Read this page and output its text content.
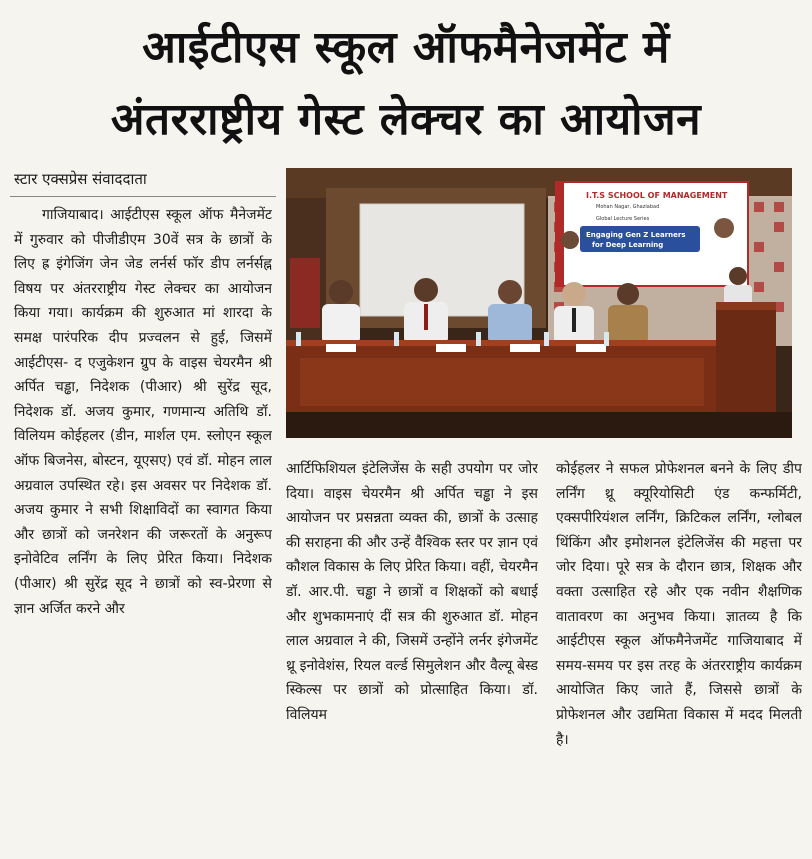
आईटीएस स्कूल ऑफमैनेजमेंट में
अंतरराष्ट्रीय गेस्ट लेक्चर का आयोजन
स्टार एक्सप्रेस संवाददाता

गाजियाबाद। आईटीएस स्कूल ऑफ मैनेजमेंट में गुरुवार को पीजीडीएम 30वें सत्र के छात्रों के लिए ह्र इंगेजिंग जेन जेड लर्नर्स फॉर डीप लर्नर्सह्न विषय पर अंतरराष्ट्रीय गेस्ट लेक्चर का आयोजन किया गया। कार्यक्रम की शुरुआत मां शारदा के समक्ष पारंपरिक दीप प्रज्वलन से हुई, जिसमें आईटीएस- द एजुकेशन ग्रुप के वाइस चेयरमैन श्री अर्पित चड्ढा, निदेशक (पीआर) श्री सुरेंद्र सूद, निदेशक डॉ. अजय कुमार, गणमान्य अतिथि डॉ. विलियम कोईहलर (डीन, मार्शल एम. स्लोएन स्कूल ऑफ बिजनेस, बोस्टन, यूएसए) एवं डॉ. मोहन लाल अग्रवाल उपस्थित रहे। इस अवसर पर निदेशक डॉ. अजय कुमार ने सभी शिक्षाविदों का स्वागत किया और छात्रों को जनरेशन की जरूरतों के अनुरूप इनोवेटिव लर्निंग के लिए प्रेरित किया। निदेशक (पीआर) श्री सुरेंद्र सूद ने छात्रों को स्व-प्रेरणा से ज्ञान अर्जित करने और

I.T.S SCHOOL OF MANAGEMENT
Mohan Nagar, Ghaziabad
Global Lecture Series
Engaging Gen Z Learners
for Deep Learning

आर्टिफिशियल इंटेलिजेंस के सही उपयोग पर जोर दिया। वाइस चेयरमैन श्री अर्पित चड्ढा ने इस आयोजन पर प्रसन्नता व्यक्त की, छात्रों के उत्साह की सराहना की और उन्हें वैश्विक स्तर पर ज्ञान एवं कौशल विकास के लिए प्रेरित किया। वहीं, चेयरमैन डॉ. आर.पी. चड्ढा ने छात्रों व शिक्षकों को बधाई और शुभकामनाएं दीं सत्र की शुरुआत डॉ. मोहन लाल अग्रवाल ने की, जिसमें उन्होंने लर्नर इंगेजमेंट थ्रू इनोवेशंस, रियल वर्ल्ड सिमुलेशन और वैल्यू बेस्ड स्किल्स पर छात्रों को प्रोत्साहित किया। डॉ. विलियम

कोईहलर ने सफल प्रोफेशनल बनने के लिए डीप लर्निंग थ्रू क्यूरियोसिटी एंड कन्फर्मिटी, एक्सपीरियंशल लर्निंग, क्रिटिकल लर्निंग, ग्लोबल थिंकिंग और इमोशनल इंटेलिजेंस की महत्ता पर जोर दिया। पूरे सत्र के दौरान छात्र, शिक्षक और वक्ता उत्साहित रहे और एक नवीन शैक्षणिक वातावरण का अनुभव किया। ज्ञातव्य है कि आईटीएस स्कूल ऑफमैनेजमेंट गाजियाबाद में समय-समय पर इस तरह के अंतरराष्ट्रीय कार्यक्रम आयोजित किए जाते हैं, जिससे छात्रों के प्रोफेशनल और उद्यमिता विकास में मदद मिलती है।
